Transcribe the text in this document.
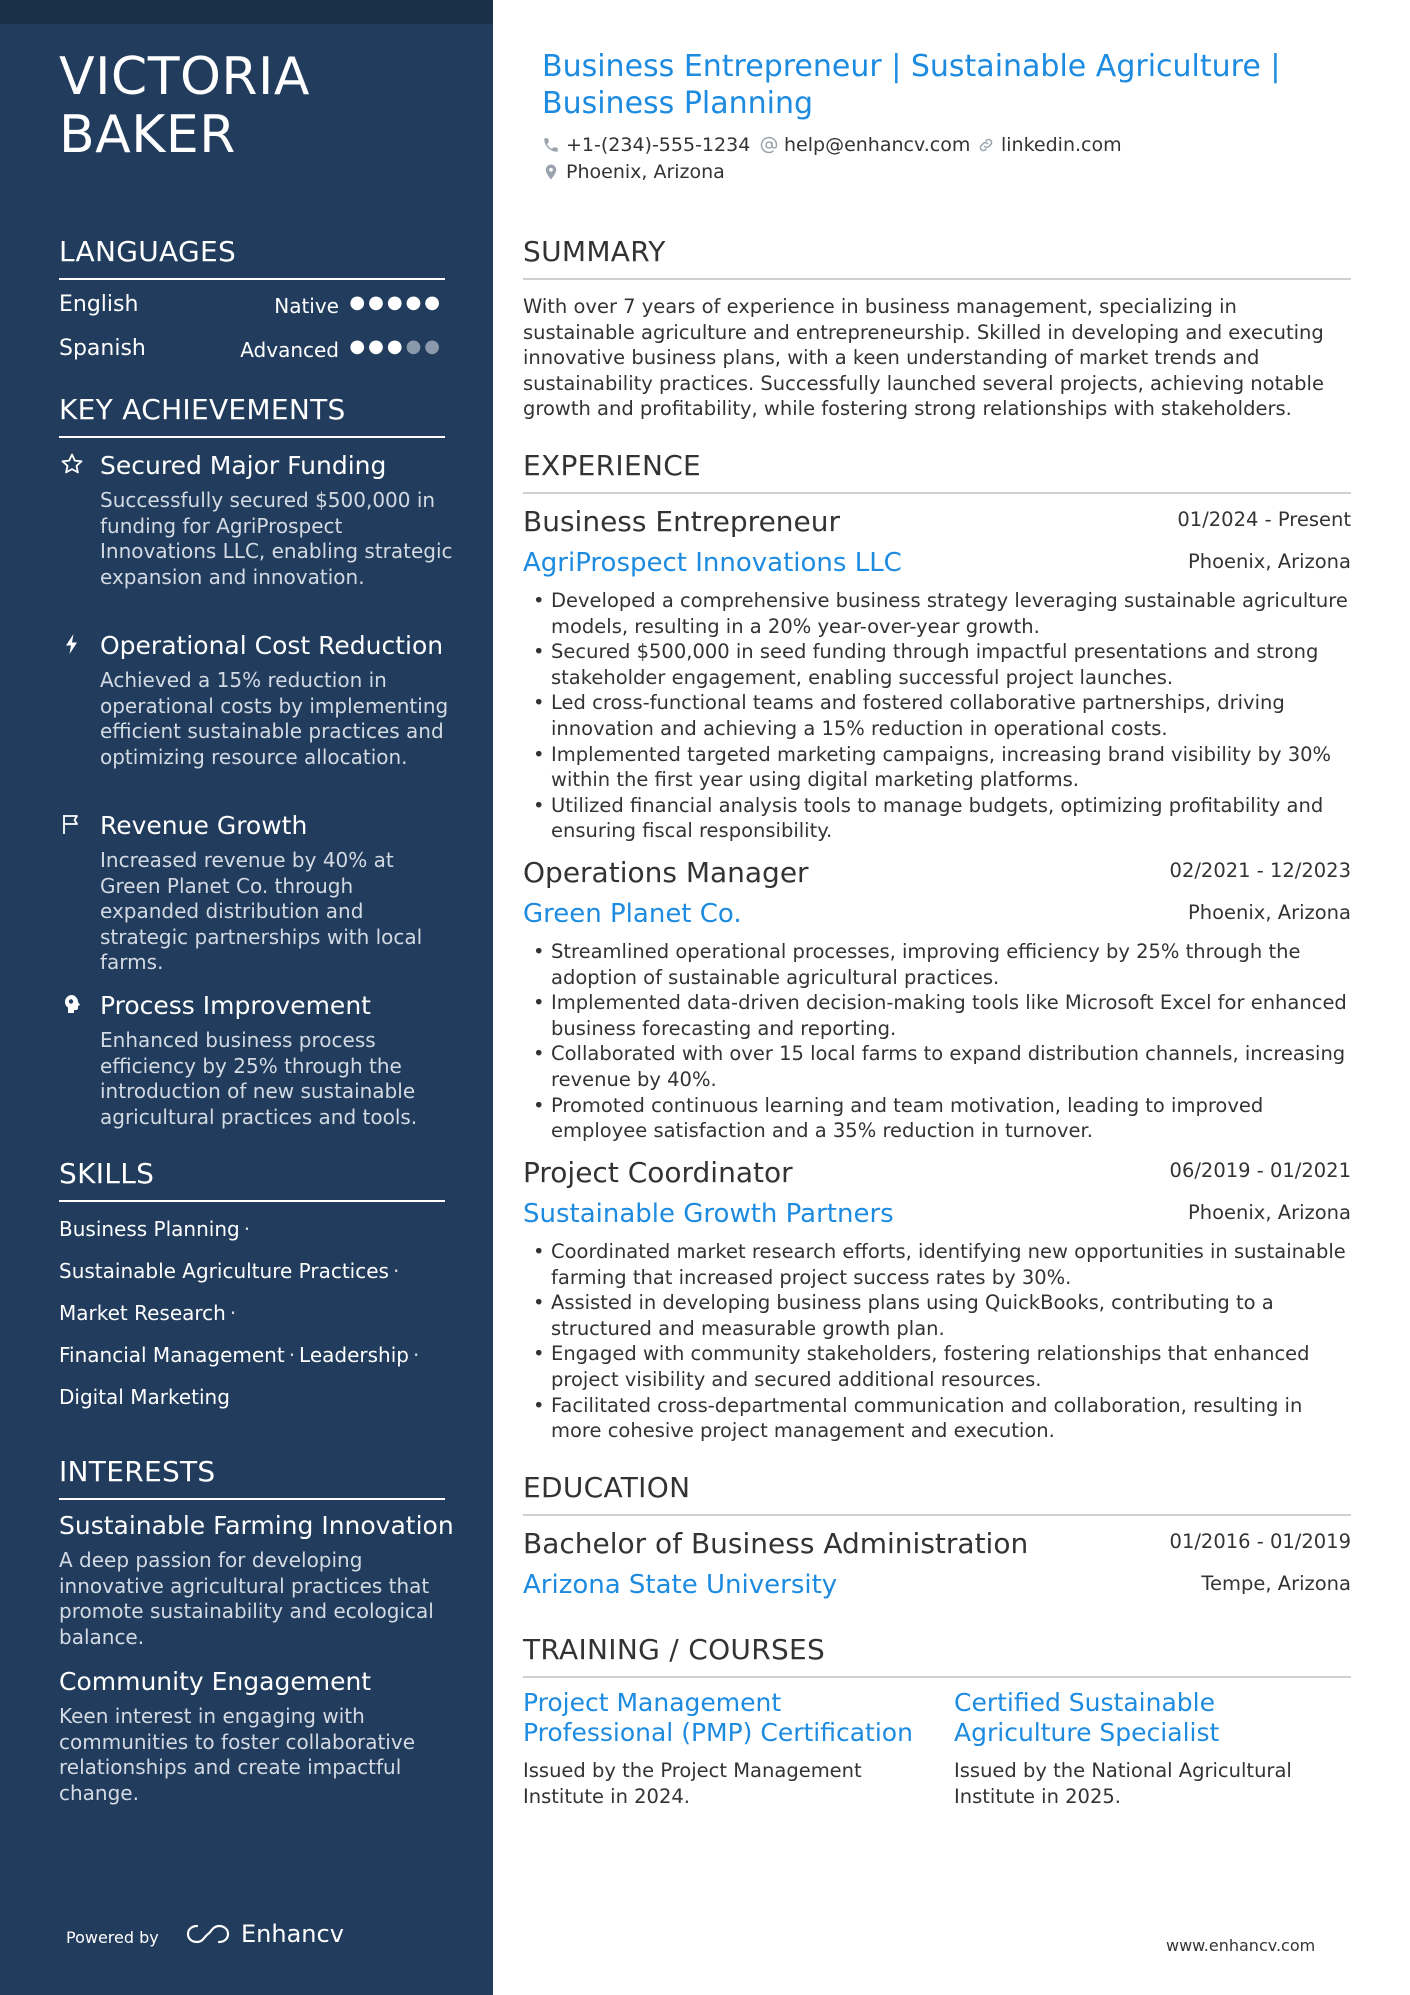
VICTORIA BAKER
LANGUAGES
English	Native ●●●●●
Spanish	Advanced ●●●●●
KEY ACHIEVEMENTS
Secured Major Funding
Successfully secured $500,000 in funding for AgriProspect Innovations LLC, enabling strategic expansion and innovation.
Operational Cost Reduction
Achieved a 15% reduction in operational costs by implementing efficient sustainable practices and optimizing resource allocation.
Revenue Growth
Increased revenue by 40% at Green Planet Co. through expanded distribution and strategic partnerships with local farms.
Process Improvement
Enhanced business process efficiency by 25% through the introduction of new sustainable agricultural practices and tools.
SKILLS
Business Planning ·
Sustainable Agriculture Practices ·
Market Research ·
Financial Management · Leadership ·
Digital Marketing
INTERESTS
Sustainable Farming Innovation
A deep passion for developing innovative agricultural practices that promote sustainability and ecological balance.
Community Engagement
Keen interest in engaging with communities to foster collaborative relationships and create impactful change.
Powered by	Enhancv
Business Entrepreneur | Sustainable Agriculture | Business Planning
+1-(234)-555-1234 help@enhancv.com linkedin.com
Phoenix, Arizona
SUMMARY
With over 7 years of experience in business management, specializing in sustainable agriculture and entrepreneurship. Skilled in developing and executing innovative business plans, with a keen understanding of market trends and sustainability practices. Successfully launched several projects, achieving notable growth and profitability, while fostering strong relationships with stakeholders.
EXPERIENCE
Business Entrepreneur	01/2024 - Present
AgriProspect Innovations LLC	Phoenix, Arizona
• Developed a comprehensive business strategy leveraging sustainable agriculture models, resulting in a 20% year-over-year growth.
• Secured $500,000 in seed funding through impactful presentations and strong stakeholder engagement, enabling successful project launches.
• Led cross-functional teams and fostered collaborative partnerships, driving innovation and achieving a 15% reduction in operational costs.
• Implemented targeted marketing campaigns, increasing brand visibility by 30% within the first year using digital marketing platforms.
• Utilized financial analysis tools to manage budgets, optimizing profitability and ensuring fiscal responsibility.
Operations Manager	02/2021 - 12/2023
Green Planet Co.	Phoenix, Arizona
• Streamlined operational processes, improving efficiency by 25% through the adoption of sustainable agricultural practices.
• Implemented data-driven decision-making tools like Microsoft Excel for enhanced business forecasting and reporting.
• Collaborated with over 15 local farms to expand distribution channels, increasing revenue by 40%.
• Promoted continuous learning and team motivation, leading to improved employee satisfaction and a 35% reduction in turnover.
Project Coordinator	06/2019 - 01/2021
Sustainable Growth Partners	Phoenix, Arizona
• Coordinated market research efforts, identifying new opportunities in sustainable farming that increased project success rates by 30%.
• Assisted in developing business plans using QuickBooks, contributing to a structured and measurable growth plan.
• Engaged with community stakeholders, fostering relationships that enhanced project visibility and secured additional resources.
• Facilitated cross-departmental communication and collaboration, resulting in more cohesive project management and execution.
EDUCATION
Bachelor of Business Administration	01/2016 - 01/2019
Arizona State University	Tempe, Arizona
TRAINING / COURSES
Project Management Professional (PMP) Certification
Issued by the Project Management Institute in 2024.
Certified Sustainable Agriculture Specialist
Issued by the National Agricultural Institute in 2025.
www.enhancv.com
